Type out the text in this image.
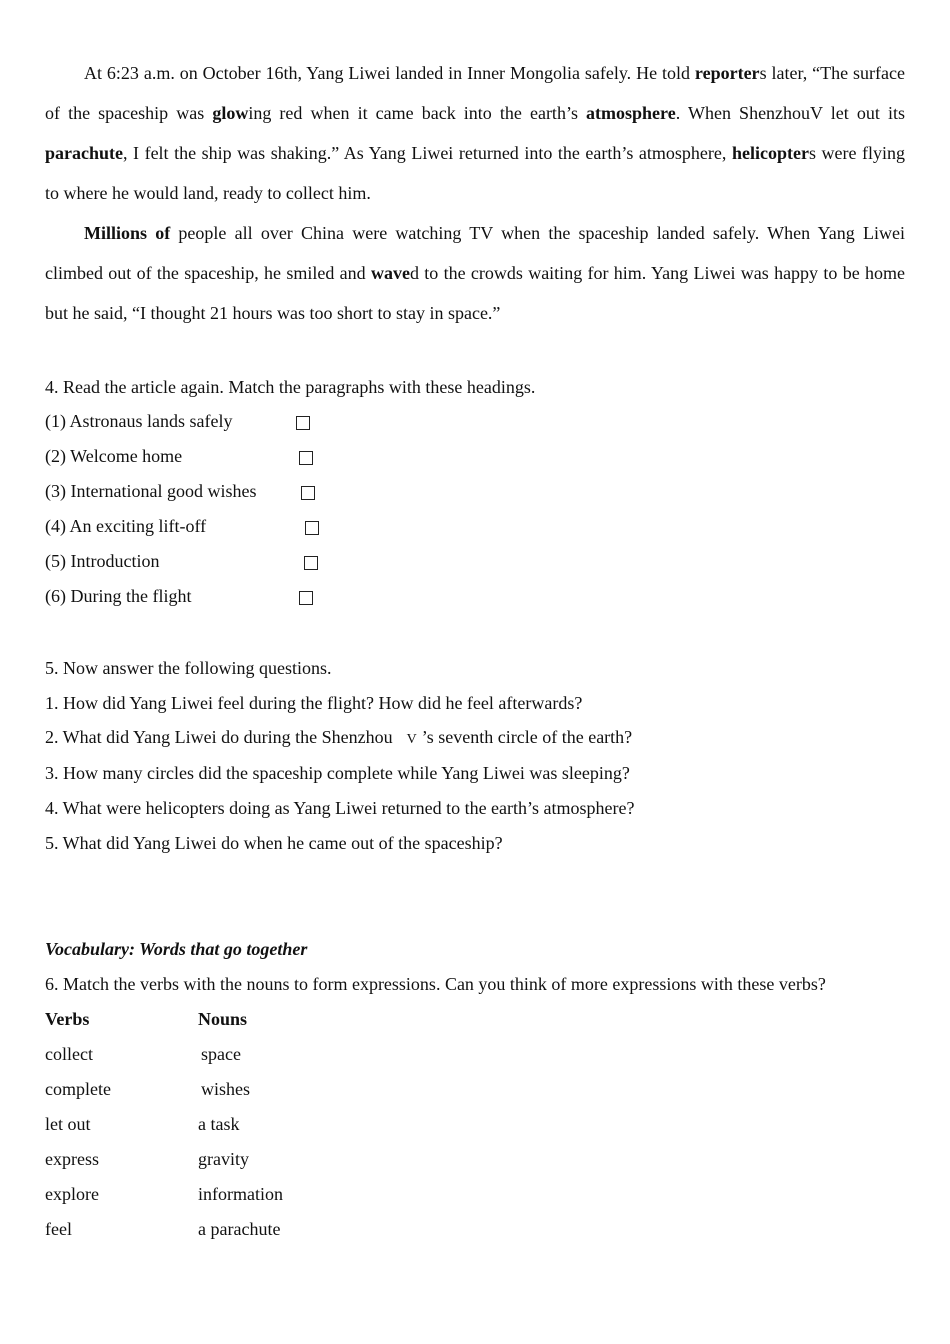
At 6:23 a.m. on October 16th, Yang Liwei landed in Inner Mongolia safely. He told reporters later, “The surface of the spaceship was glowing red when it came back into the earth’s atmosphere. When ShenzhouV let out its parachute, I felt the ship was shaking.” As Yang Liwei returned into the earth’s atmosphere, helicopters were flying to where he would land, ready to collect him.

Millions of people all over China were watching TV when the spaceship landed safely. When Yang Liwei climbed out of the spaceship, he smiled and waved to the crowds waiting for him. Yang Liwei was happy to be home but he said, “I thought 21 hours was too short to stay in space.”

4. Read the article again. Match the paragraphs with these headings.
(1) Astronaus lands safely
(2) Welcome home
(3) International good wishes
(4) An exciting lift-off
(5) Introduction
(6) During the flight
5. Now answer the following questions.
1. How did Yang Liwei feel during the flight? How did he feel afterwards?
2. What did Yang Liwei do during the Shenzhou V ’s seventh circle of the earth?
3. How many circles did the spaceship complete while Yang Liwei was sleeping?
4. What were helicopters doing as Yang Liwei returned to the earth’s atmosphere?
5. What did Yang Liwei do when he came out of the spaceship?
Vocabulary: Words that go together
6. Match the verbs with the nouns to form expressions. Can you think of more expressions with these verbs?
Verbs	Nouns
collect	space
complete	wishes
let out	a task
express	gravity
explore	information
feel	a parachute
